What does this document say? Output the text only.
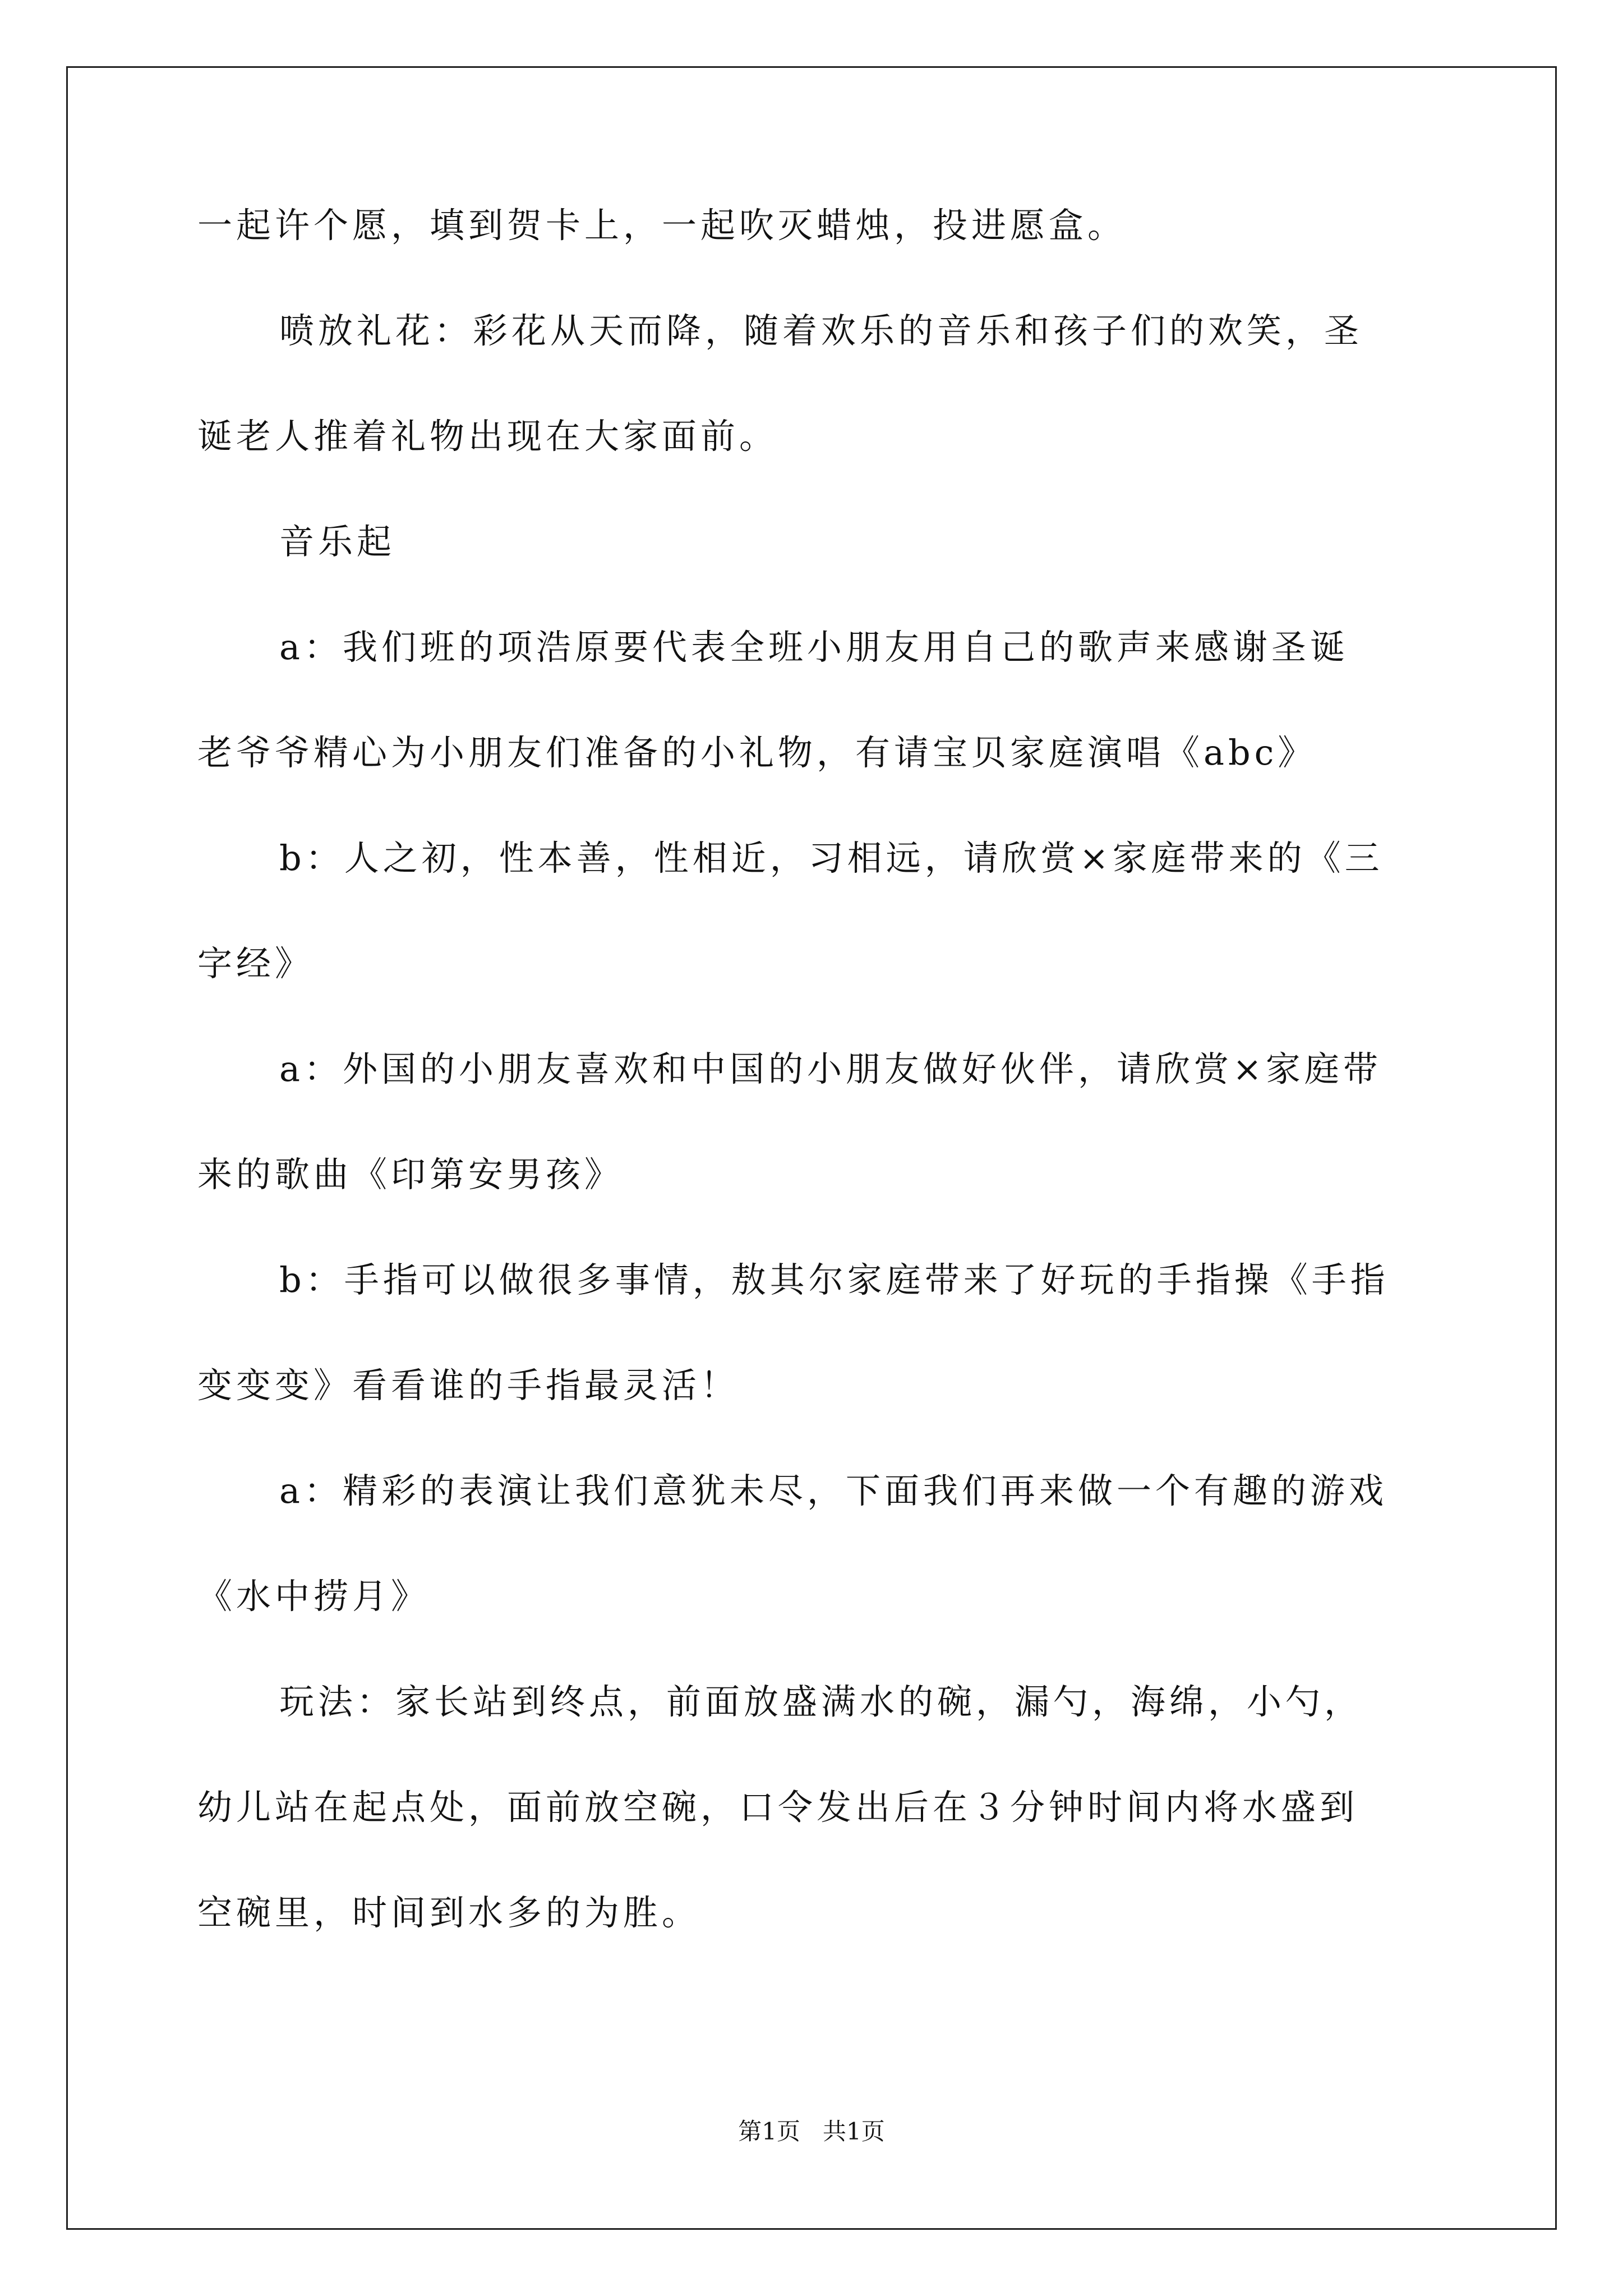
一起许个愿，填到贺卡上，一起吹灭蜡烛，投进愿盒。
喷放礼花：彩花从天而降，随着欢乐的音乐和孩子们的欢笑，圣
诞老人推着礼物出现在大家面前。
音乐起
a：我们班的项浩原要代表全班小朋友用自己的歌声来感谢圣诞
老爷爷精心为小朋友们准备的小礼物，有请宝贝家庭演唱《abc》
b：人之初，性本善，性相近，习相远，请欣赏×家庭带来的《三
字经》
a：外国的小朋友喜欢和中国的小朋友做好伙伴，请欣赏×家庭带
来的歌曲《印第安男孩》
b：手指可以做很多事情，敖其尔家庭带来了好玩的手指操《手指
变变变》看看谁的手指最灵活！
a：精彩的表演让我们意犹未尽，下面我们再来做一个有趣的游戏
《水中捞月》
玩法：家长站到终点，前面放盛满水的碗，漏勺，海绵，小勺，
幼儿站在起点处，面前放空碗，口令发出后在３分钟时间内将水盛到
空碗里，时间到水多的为胜。
第1页   共1页
